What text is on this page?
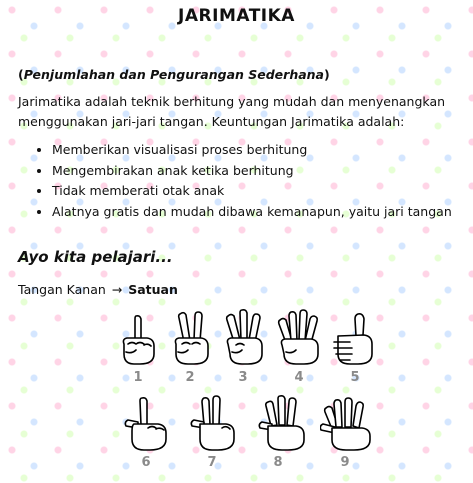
JARIMATIKA
(Penjumlahan dan Pengurangan Sederhana)
Jarimatika adalah teknik berhitung yang mudah dan menyenangkan menggunakan jari-jari tangan. Keuntungan Jarimatika adalah:
• Memberikan visualisasi proses berhitung
• Mengembirakan anak ketika berhitung
• Tidak memberati otak anak
• Alatnya gratis dan mudah dibawa kemanapun, yaitu jari tangan
Ayo kita pelajari...
Tangan Kanan → Satuan
1	2	3	4	5
6	7	8	9
